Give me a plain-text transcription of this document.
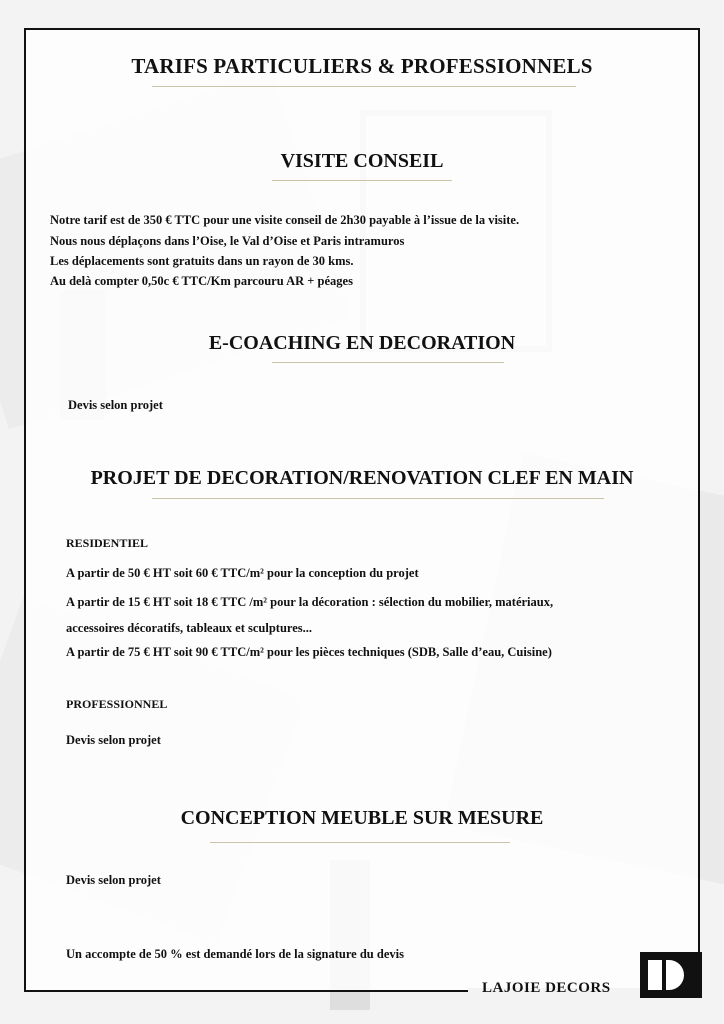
TARIFS PARTICULIERS & PROFESSIONNELS
VISITE CONSEIL
Notre tarif est de 350 € TTC pour une visite conseil de 2h30 payable à l’issue de la visite.
Nous nous déplaçons dans l’Oise, le Val d’Oise et Paris intramuros
Les déplacements sont gratuits dans un rayon de 30 kms.
Au delà compter 0,50c € TTC/Km parcouru AR + péages
E-COACHING EN DECORATION
Devis selon projet
PROJET DE DECORATION/RENOVATION CLEF EN MAIN
RESIDENTIEL
A partir de 50 € HT soit 60 € TTC/m² pour la conception du projet
A partir de 15 € HT soit 18 € TTC /m² pour la décoration : sélection du mobilier, matériaux,
accessoires décoratifs, tableaux et sculptures...
A partir de 75 € HT soit 90 € TTC/m² pour les pièces techniques (SDB, Salle d’eau, Cuisine)
PROFESSIONNEL
Devis selon projet
CONCEPTION MEUBLE SUR MESURE
Devis selon projet
Un accompte de 50 % est demandé lors de la signature du devis
LAJOIE DECORS
